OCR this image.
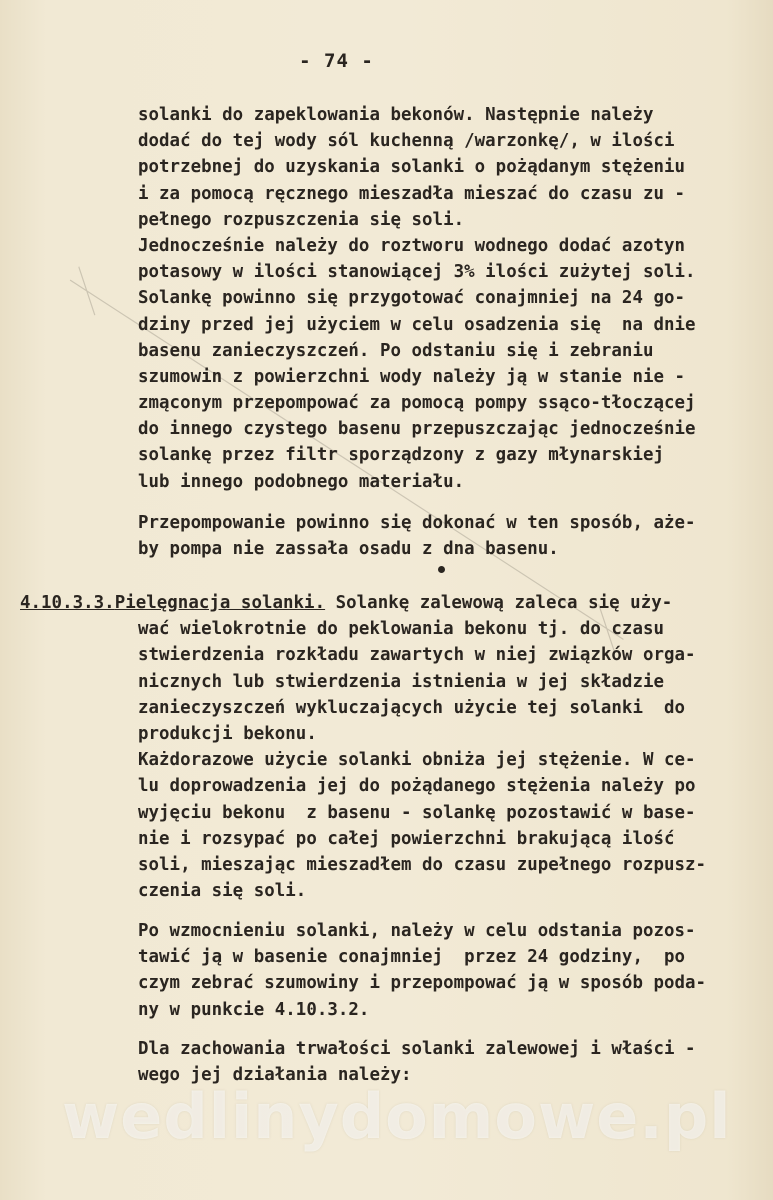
- 74 -
solanki do zapeklowania bekonów. Następnie należy
dodać do tej wody sól kuchenną /warzonkę/, w ilości
potrzebnej do uzyskania solanki o pożądanym stężeniu
i za pomocą ręcznego mieszadła mieszać do czasu zu -
pełnego rozpuszczenia się soli.
Jednocześnie należy do roztworu wodnego dodać azotyn
potasowy w ilości stanowiącej 3% ilości zużytej soli.
Solankę powinno się przygotować conajmniej na 24 go-
dziny przed jej użyciem w celu osadzenia się  na dnie
basenu zanieczyszczeń. Po odstaniu się i zebraniu
szumowin z powierzchni wody należy ją w stanie nie -
zmąconym przepompować za pomocą pompy ssąco-tłoczącej
do innego czystego basenu przepuszczając jednocześnie
solankę przez filtr sporządzony z gazy młynarskiej
lub innego podobnego materiału.
Przepompowanie powinno się dokonać w ten sposób, aże-
by pompa nie zassała osadu z dna basenu.
4.10.3.3.Pielęgnacja solanki. Solankę zalewową zaleca się uży-
wać wielokrotnie do peklowania bekonu tj. do czasu
stwierdzenia rozkładu zawartych w niej związków orga-
nicznych lub stwierdzenia istnienia w jej składzie
zanieczyszczeń wykluczających użycie tej solanki  do
produkcji bekonu.
Każdorazowe użycie solanki obniża jej stężenie. W ce-
lu doprowadzenia jej do pożądanego stężenia należy po
wyjęciu bekonu  z basenu - solankę pozostawić w base-
nie i rozsypać po całej powierzchni brakującą ilość
soli, mieszając mieszadłem do czasu zupełnego rozpusz-
czenia się soli.
Po wzmocnieniu solanki, należy w celu odstania pozos-
tawić ją w basenie conajmniej  przez 24 godziny,  po
czym zebrać szumowiny i przepompować ją w sposób poda-
ny w punkcie 4.10.3.2.
Dla zachowania trwałości solanki zalewowej i właści -
wego jej działania należy:
wedlinydomowe.pl
